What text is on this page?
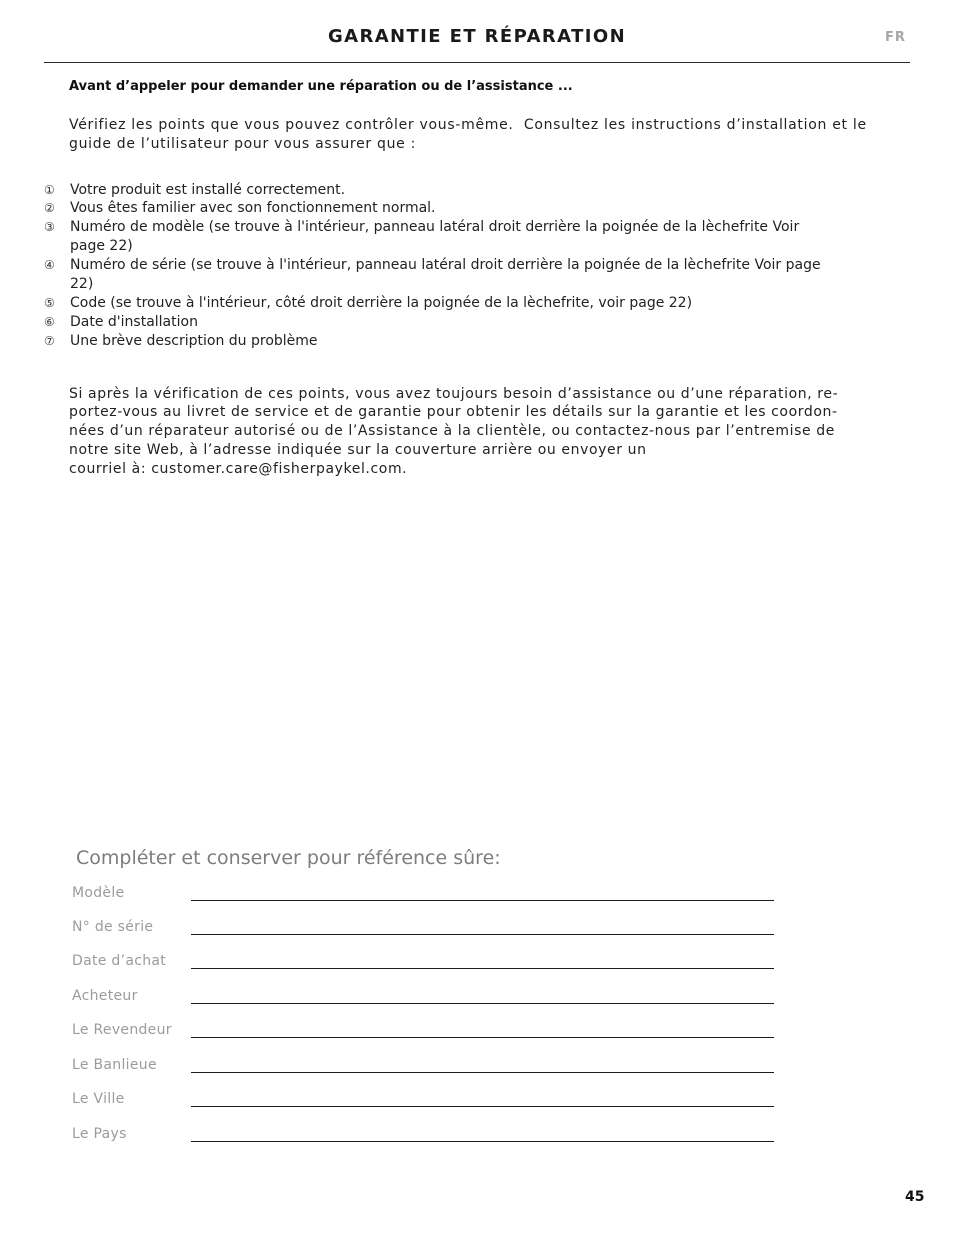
GARANTIE ET RÉPARATION	FR
Avant d’appeler pour demander une réparation ou de l’assistance ...
Vérifiez les points que vous pouvez contrôler vous-même.  Consultez les instructions d’installation et le
guide de l’utilisateur pour vous assurer que :
①	Votre produit est installé correctement.
②	Vous êtes familier avec son fonctionnement normal.
③	Numéro de modèle (se trouve à l'intérieur, panneau latéral droit derrière la poignée de la lèchefrite Voir
page 22)
④	Numéro de série (se trouve à l'intérieur, panneau latéral droit derrière la poignée de la lèchefrite Voir page
22)
⑤	Code (se trouve à l'intérieur, côté droit derrière la poignée de la lèchefrite, voir page 22)
⑥	Date d'installation
⑦	Une brève description du problème
Si après la vérification de ces points, vous avez toujours besoin d’assistance ou d’une réparation, re-
portez-vous au livret de service et de garantie pour obtenir les détails sur la garantie et les coordon-
nées d’un réparateur autorisé ou de l’Assistance à la clientèle, ou contactez-nous par l’entremise de
notre site Web, à l’adresse indiquée sur la couverture arrière ou envoyer un
courriel à: customer.care@fisherpaykel.com.
Compléter et conserver pour référence sûre:
Modèle
N° de série
Date d’achat
Acheteur
Le Revendeur
Le Banlieue
Le Ville
Le Pays
45
